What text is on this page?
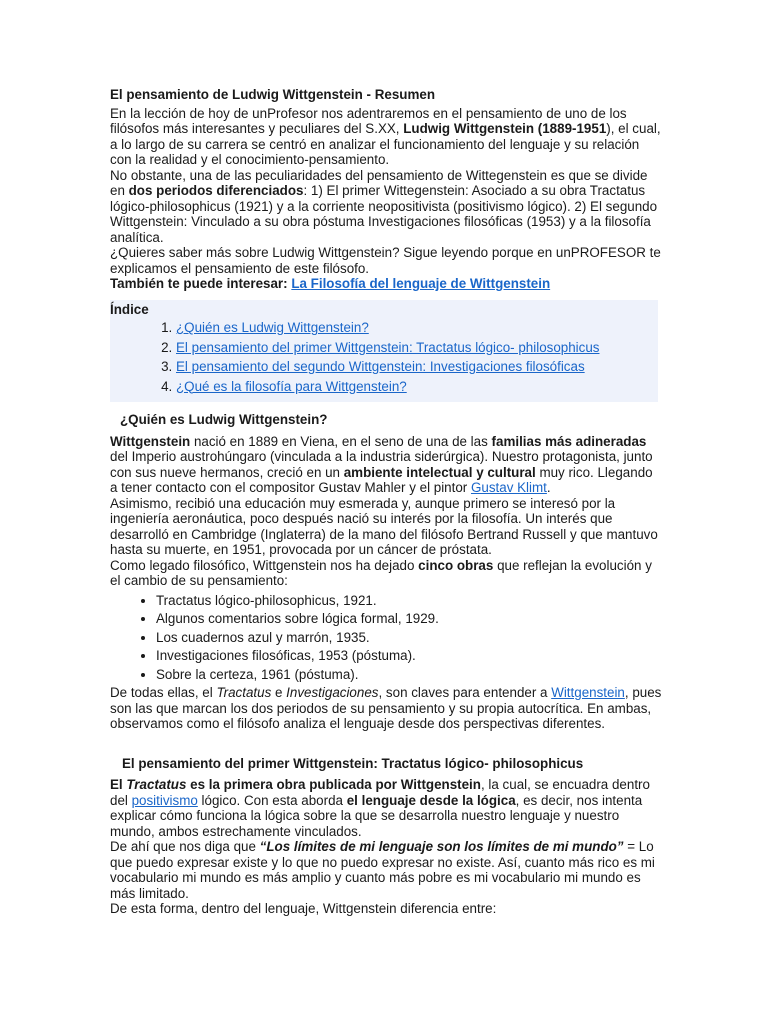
El pensamiento de Ludwig Wittgenstein - Resumen

En la lección de hoy de unProfesor nos adentraremos en el pensamiento de uno de los filósofos más interesantes y peculiares del S.XX, Ludwig Wittgenstein (1889-1951), el cual, a lo largo de su carrera se centró en analizar el funcionamiento del lenguaje y su relación con la realidad y el conocimiento-pensamiento.

No obstante, una de las peculiaridades del pensamiento de Wittegenstein es que se divide en dos periodos diferenciados: 1) El primer Wittegenstein: Asociado a su obra Tractatus lógico-philosophicus (1921) y a la corriente neopositivista (positivismo lógico). 2) El segundo Wittgenstein: Vinculado a su obra póstuma Investigaciones filosóficas (1953) y a la filosofía analítica.

¿Quieres saber más sobre Ludwig Wittgenstein? Sigue leyendo porque en unPROFESOR te explicamos el pensamiento de este filósofo.

También te puede interesar: La Filosofía del lenguaje de Wittgenstein

Índice
1. ¿Quién es Ludwig Wittgenstein?
2. El pensamiento del primer Wittgenstein: Tractatus lógico- philosophicus
3. El pensamiento del segundo Wittgenstein: Investigaciones filosóficas
4. ¿Qué es la filosofía para Wittgenstein?
¿Quién es Ludwig Wittgenstein?

Wittgenstein nació en 1889 en Viena, en el seno de una de las familias más adineradas del Imperio austrohúngaro (vinculada a la industria siderúrgica). Nuestro protagonista, junto con sus nueve hermanos, creció en un ambiente intelectual y cultural muy rico. Llegando a tener contacto con el compositor Gustav Mahler y el pintor Gustav Klimt.

Asimismo, recibió una educación muy esmerada y, aunque primero se interesó por la ingeniería aeronáutica, poco después nació su interés por la filosofía. Un interés que desarrolló en Cambridge (Inglaterra) de la mano del filósofo Bertrand Russell y que mantuvo hasta su muerte, en 1951, provocada por un cáncer de próstata.

Como legado filosófico, Wittgenstein nos ha dejado cinco obras que reflejan la evolución y el cambio de su pensamiento:

• Tractatus lógico-philosophicus, 1921.
• Algunos comentarios sobre lógica formal, 1929.
• Los cuadernos azul y marrón, 1935.
• Investigaciones filosóficas, 1953 (póstuma).
• Sobre la certeza, 1961 (póstuma).

De todas ellas, el Tractatus e Investigaciones, son claves para entender a Wittgenstein, pues son las que marcan los dos periodos de su pensamiento y su propia autocrítica. En ambas, observamos como el filósofo analiza el lenguaje desde dos perspectivas diferentes.

El pensamiento del primer Wittgenstein: Tractatus lógico- philosophicus

El Tractatus es la primera obra publicada por Wittgenstein, la cual, se encuadra dentro del positivismo lógico. Con esta aborda el lenguaje desde la lógica, es decir, nos intenta explicar cómo funciona la lógica sobre la que se desarrolla nuestro lenguaje y nuestro mundo, ambos estrechamente vinculados.

De ahí que nos diga que “Los límites de mi lenguaje son los límites de mi mundo” = Lo que puedo expresar existe y lo que no puedo expresar no existe. Así, cuanto más rico es mi vocabulario mi mundo es más amplio y cuanto más pobre es mi vocabulario mi mundo es más limitado.

De esta forma, dentro del lenguaje, Wittgenstein diferencia entre:
